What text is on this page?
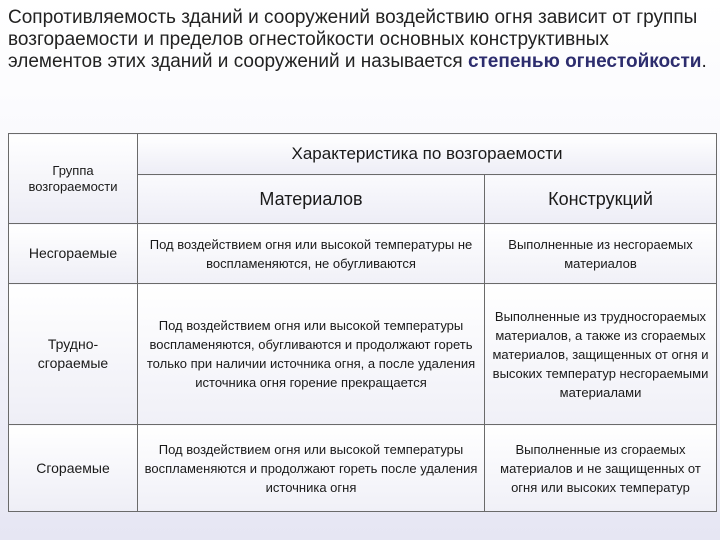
Сопротивляемость зданий и сооружений воздействию огня зависит от группы возгораемости и пределов огнестойкости основных конструктивных элементов этих зданий и сооружений и называется степенью огнестойкости.
Группа возгораемости	Характеристика по возгораемости	
	Материалов	Конструкций
Несгораемые	Под воздействием огня или высокой температуры не воспламеняются, не обугливаются	Выполненные из несгораемых материалов
Трудно-сгораемые	Под воздействием огня или высокой температуры воспламеняются, обугливаются и продолжают гореть только при наличии источника огня, а после удаления источника огня горение прекращается	Выполненные из трудносгораемых материалов, а также из сгораемых материалов, защищенных от огня и высоких температур несгораемыми материалами
Сгораемые	Под воздействием огня или высокой температуры воспламеняются и продолжают гореть после удаления источника огня	Выполненные из сгораемых материалов и не защищенных от огня или высоких температур
